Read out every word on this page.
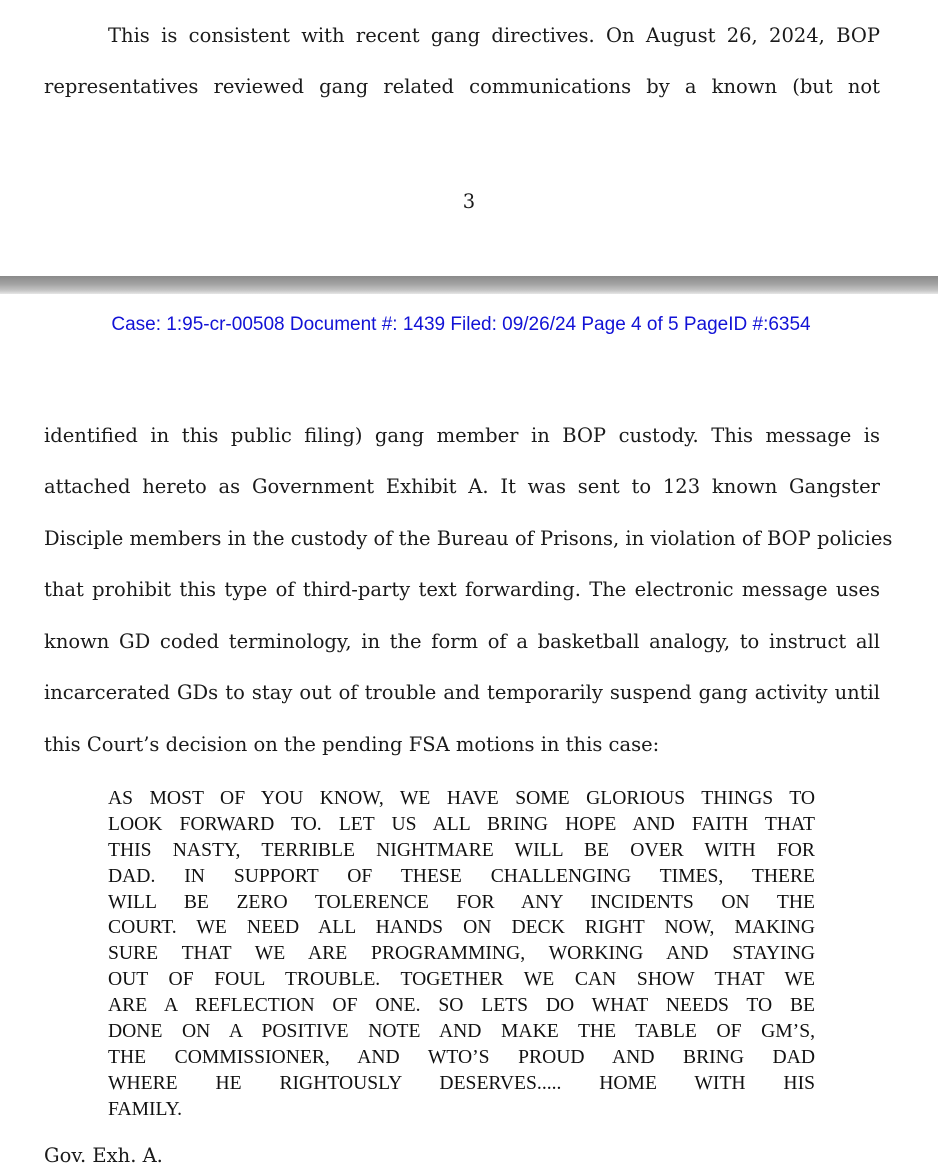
This is consistent with recent gang directives. On August 26, 2024, BOP
representatives reviewed gang related communications by a known (but not
3
Case: 1:95-cr-00508 Document #: 1439 Filed: 09/26/24 Page 4 of 5 PageID #:6354
identified in this public filing) gang member in BOP custody. This message is
attached hereto as Government Exhibit A. It was sent to 123 known Gangster
Disciple members in the custody of the Bureau of Prisons, in violation of BOP policies
that prohibit this type of third-party text forwarding. The electronic message uses
known GD coded terminology, in the form of a basketball analogy, to instruct all
incarcerated GDs to stay out of trouble and temporarily suspend gang activity until
this Court’s decision on the pending FSA motions in this case:
AS MOST OF YOU KNOW, WE HAVE SOME GLORIOUS THINGS TO
LOOK FORWARD TO. LET US ALL BRING HOPE AND FAITH THAT
THIS NASTY, TERRIBLE NIGHTMARE WILL BE OVER WITH FOR
DAD. IN SUPPORT OF THESE CHALLENGING TIMES, THERE
WILL BE ZERO TOLERENCE FOR ANY INCIDENTS ON THE
COURT. WE NEED ALL HANDS ON DECK RIGHT NOW, MAKING
SURE THAT WE ARE PROGRAMMING, WORKING AND STAYING
OUT OF FOUL TROUBLE. TOGETHER WE CAN SHOW THAT WE
ARE A REFLECTION OF ONE. SO LETS DO WHAT NEEDS TO BE
DONE ON A POSITIVE NOTE AND MAKE THE TABLE OF GM’S,
THE COMMISSIONER, AND WTO’S PROUD AND BRING DAD
WHERE HE RIGHTOUSLY DESERVES..... HOME WITH HIS
FAMILY.
Gov. Exh. A.
